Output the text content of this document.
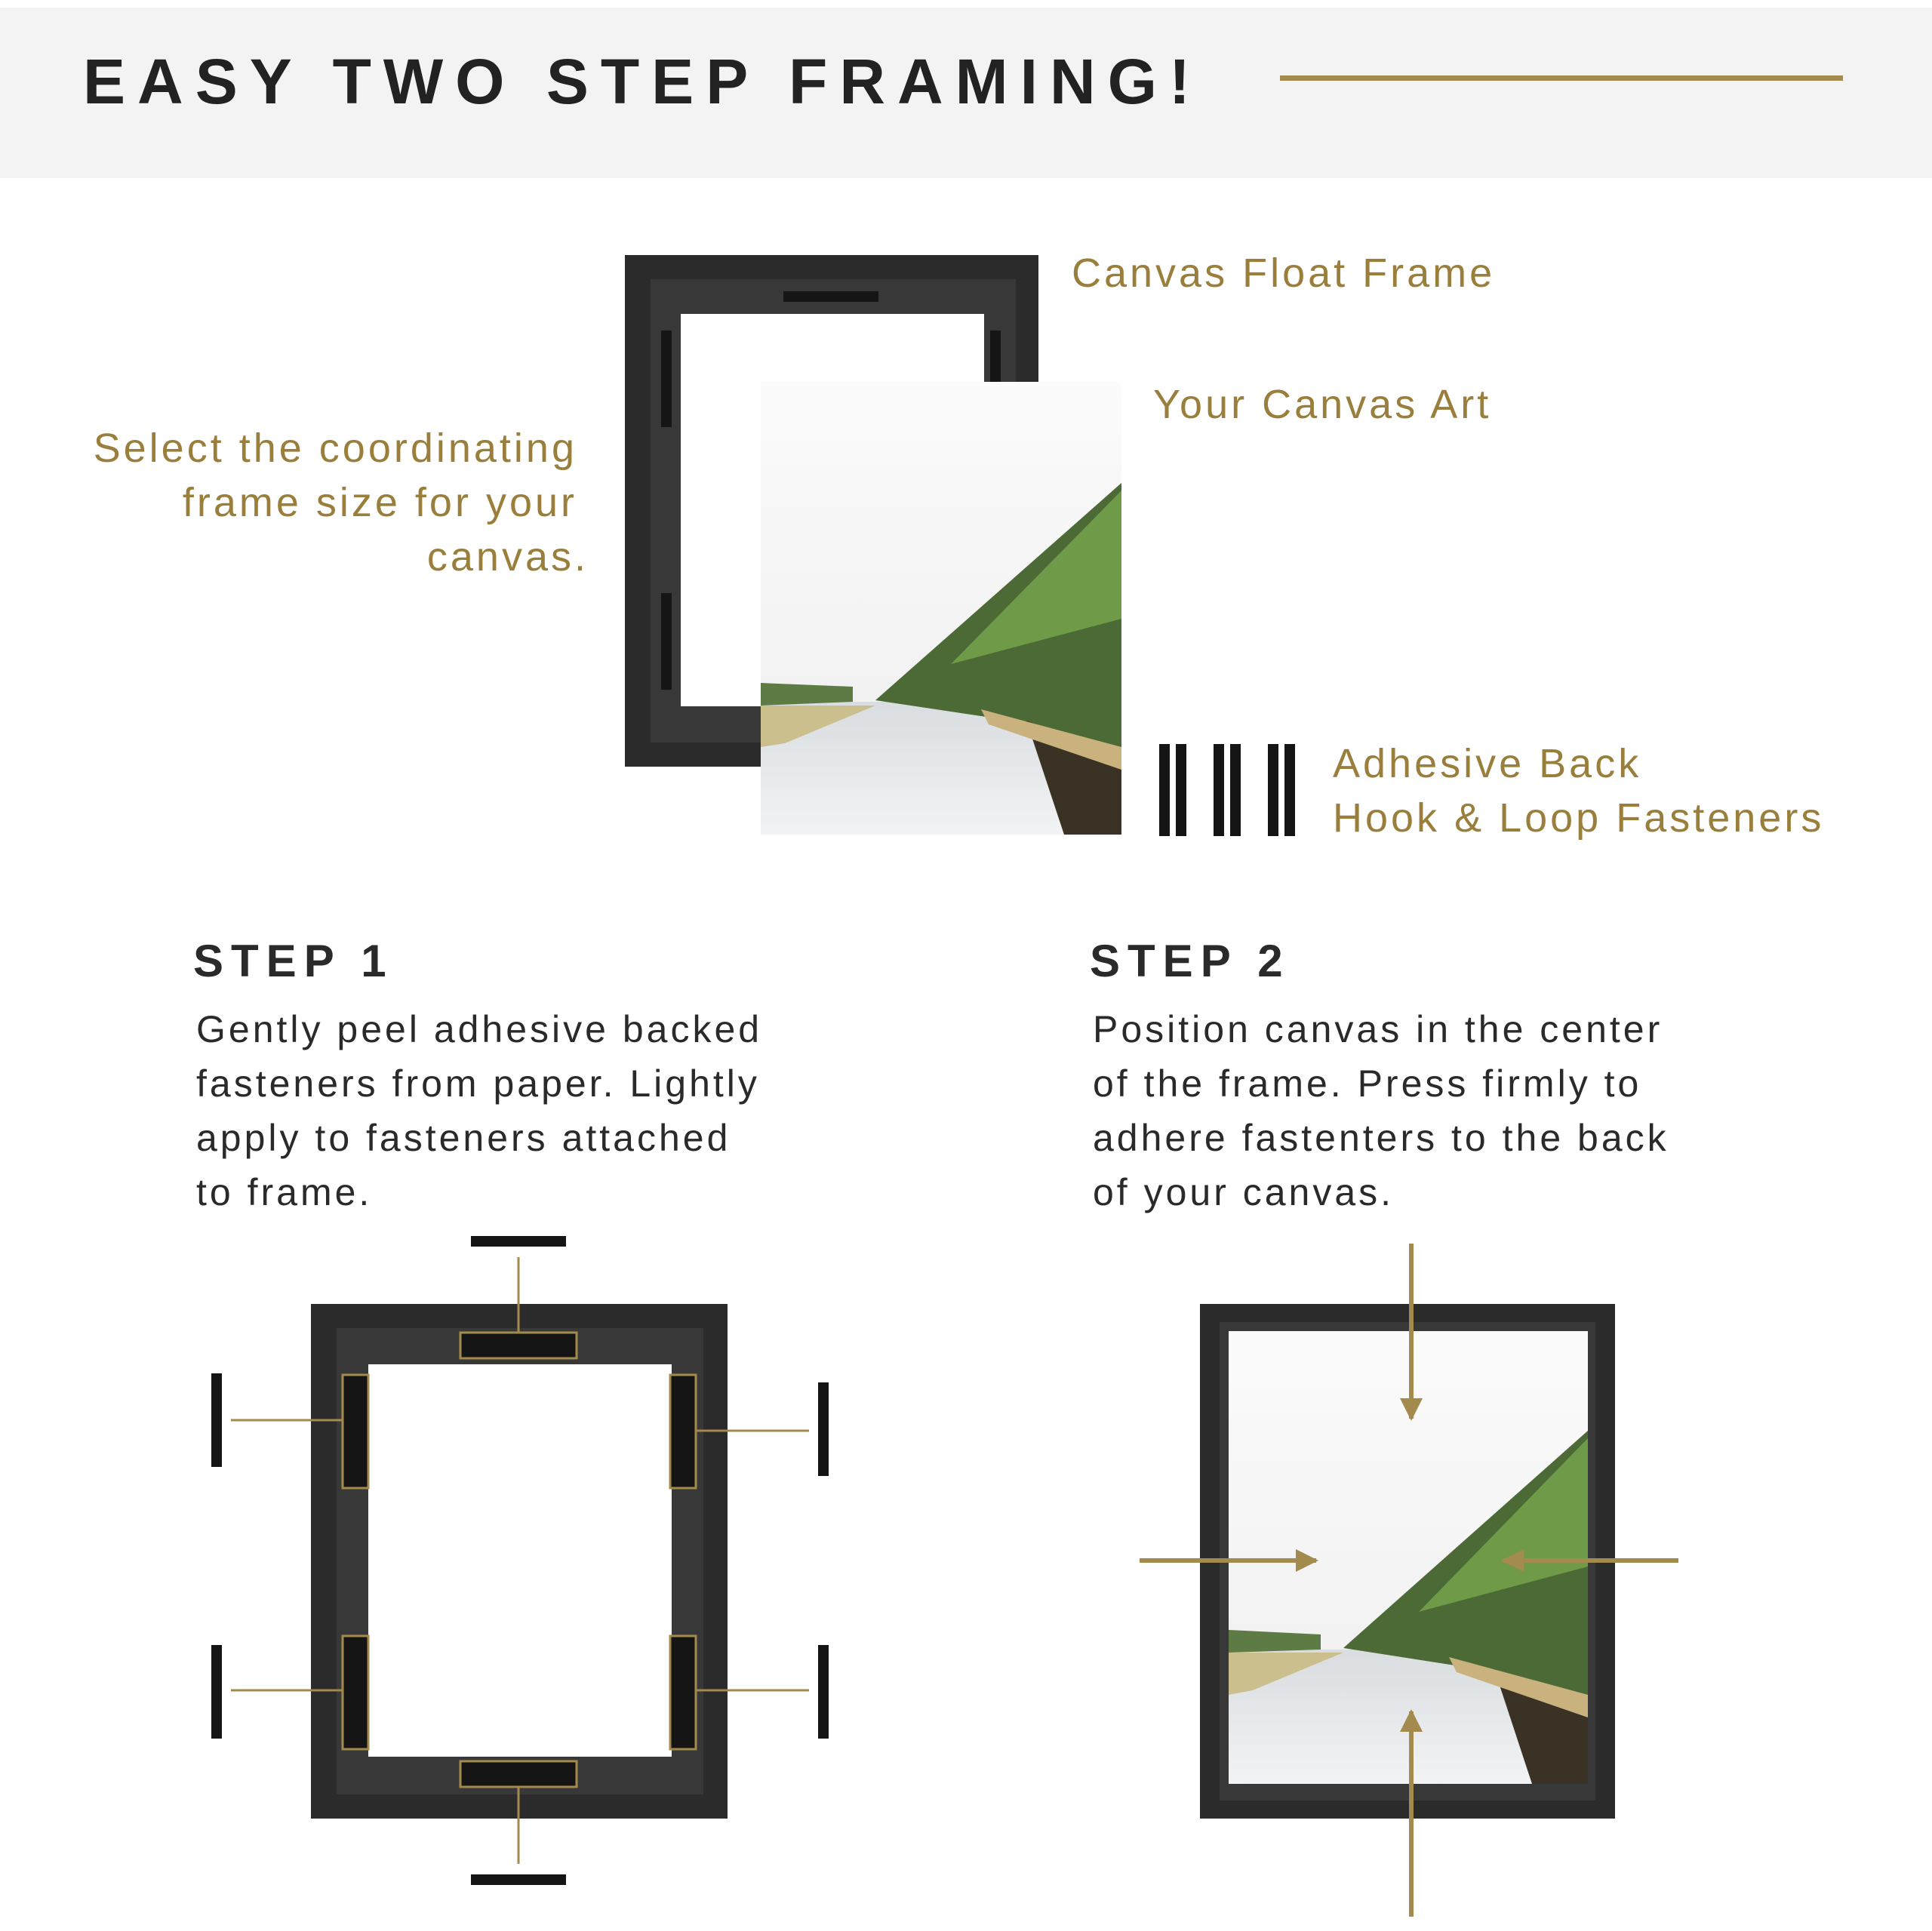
EASY TWO STEP FRAMING!
Select the coordinating
frame size for your
canvas.
Canvas Float Frame
Your Canvas Art
Adhesive Back
Hook & Loop Fasteners
STEP 1
Gently peel adhesive backed
fasteners from paper. Lightly
apply to fasteners attached
to frame.
STEP 2
Position canvas in the center
of the frame. Press firmly to
adhere fastenters to the back
of your canvas.
